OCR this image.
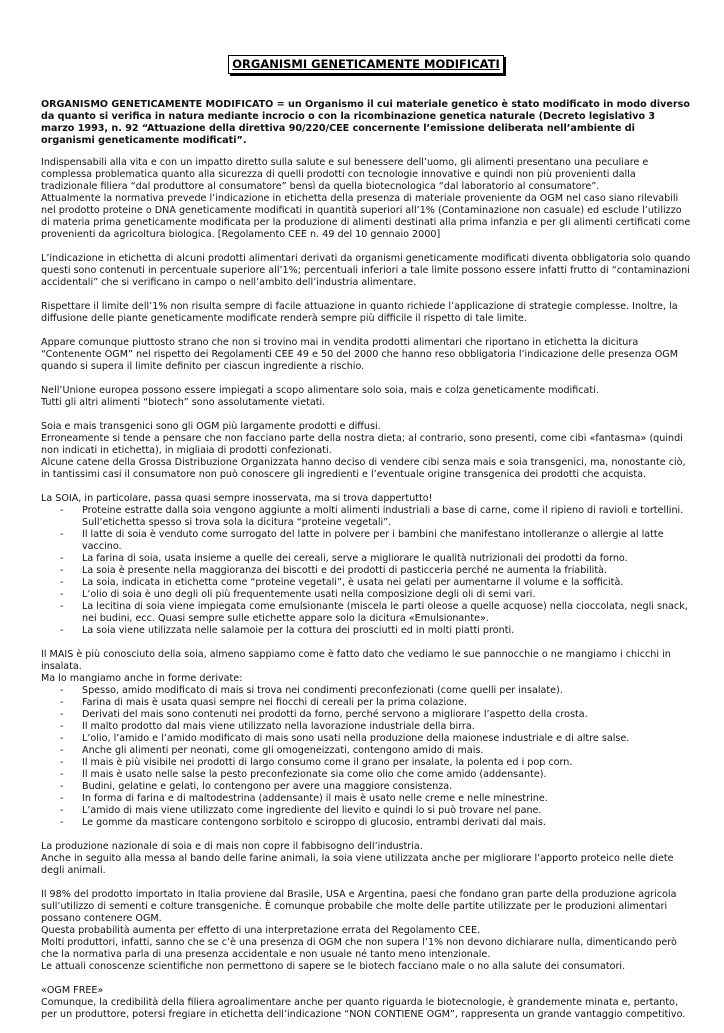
ORGANISMI GENETICAMENTE MODIFICATI

ORGANISMO GENETICAMENTE MODIFICATO = un Organismo il cui materiale genetico è stato modificato in modo diverso da quanto si verifica in natura mediante incrocio o con la ricombinazione genetica naturale (Decreto legislativo 3 marzo 1993, n. 92 “Attuazione della direttiva 90/220/CEE concernente l’emissione deliberata nell’ambiente di organismi geneticamente modificati”.

Indispensabili alla vita e con un impatto diretto sulla salute e sul benessere dell’uomo, gli alimenti presentano una peculiare e complessa problematica quanto alla sicurezza di quelli prodotti con tecnologie innovative e quindi non più provenienti dalla tradizionale filiera “dal produttore al consumatore” bensì da quella biotecnologica “dal laboratorio al consumatore”.

Attualmente la normativa prevede l’indicazione in etichetta della presenza di materiale proveniente da OGM nel caso siano rilevabili nel prodotto proteine o DNA geneticamente modificati in quantità superiori all’1% (Contaminazione non casuale) ed esclude l’utilizzo di materia prima geneticamente modificata per la produzione di alimenti destinati alla prima infanzia e per gli alimenti certificati come provenienti da agricoltura biologica. [Regolamento CEE n. 49 del 10 gennaio 2000]

L’indicazione in etichetta di alcuni prodotti alimentari derivati da organismi geneticamente modificati diventa obbligatoria solo quando questi sono contenuti in percentuale superiore all’1%; percentuali inferiori a tale limite possono essere infatti frutto di “contaminazioni accidentali” che si verificano in campo o nell’ambito dell’industria alimentare.

Rispettare il limite dell’1% non risulta sempre di facile attuazione in quanto richiede l’applicazione di strategie complesse. Inoltre, la diffusione delle piante geneticamente modificate renderà sempre più difficile il rispetto di tale limite.

Appare comunque piuttosto strano che non si trovino mai in vendita prodotti alimentari che riportano in etichetta la dicitura “Contenente OGM” nel rispetto dei Regolamenti CEE 49 e 50 del 2000 che hanno reso obbligatoria l’indicazione delle presenza OGM quando si supera il limite definito per ciascun ingrediente a rischio.

Nell’Unione europea possono essere impiegati a scopo alimentare solo soia, mais e colza geneticamente modificati.

Tutti gli altri alimenti “biotech” sono assolutamente vietati.

Soia e mais transgenici sono gli OGM più largamente prodotti e diffusi.

Erroneamente si tende a pensare che non facciano parte della nostra dieta; al contrario, sono presenti, come cibi «fantasma» (quindi non indicati in etichetta), in migliaia di prodotti confezionati.

Alcune catene della Grossa Distribuzione Organizzata hanno deciso di vendere cibi senza mais e soia transgenici, ma, nonostante ciò, in tantissimi casi il consumatore non può conoscere gli ingredienti e l’eventuale origine transgenica dei prodotti che acquista.

La SOIA, in particolare, passa quasi sempre inosservata, ma si trova dappertutto!

- Proteine estratte dalla soia vengono aggiunte a molti alimenti industriali a base di carne, come il ripieno di ravioli e tortellini. Sull’etichetta spesso si trova sola la dicitura “proteine vegetali”.
- Il latte di soia è venduto come surrogato del latte in polvere per i bambini che manifestano intolleranze o allergie al latte vaccino.
- La farina di soia, usata insieme a quelle dei cereali, serve a migliorare le qualità nutrizionali dei prodotti da forno.
- La soia è presente nella maggioranza dei biscotti e dei prodotti di pasticceria perché ne aumenta la friabilità.
- La soia, indicata in etichetta come “proteine vegetali”, è usata nei gelati per aumentarne il volume e la sofficità.
- L’olio di soia è uno degli oli più frequentemente usati nella composizione degli oli di semi vari.
- La lecitina di soia viene impiegata come emulsionante (miscela le parti oleose a quelle acquose) nella cioccolata, negli snack, nei budini, ecc. Quasi sempre sulle etichette appare solo la dicitura «Emulsionante».
- La soia viene utilizzata nelle salamoie per la cottura dei prosciutti ed in molti piatti pronti.

Il MAIS è più conosciuto della soia, almeno sappiamo come è fatto dato che vediamo le sue pannocchie o ne mangiamo i chicchi in insalata.

Ma lo mangiamo anche in forme derivate:

- Spesso, amido modificato di mais si trova nei condimenti preconfezionati (come quelli per insalate).
- Farina di mais è usata quasi sempre nei fiocchi di cereali per la prima colazione.
- Derivati del mais sono contenuti nei prodotti da forno, perché servono a migliorare l’aspetto della crosta.
- Il malto prodotto dal mais viene utilizzato nella lavorazione industriale della birra.
- L’olio, l’amido e l’amido modificato di mais sono usati nella produzione della maionese industriale e di altre salse.
- Anche gli alimenti per neonati, come gli omogeneizzati, contengono amido di mais.
- Il mais è più visibile nei prodotti di largo consumo come il grano per insalate, la polenta ed i pop corn.
- Il mais è usato nelle salse la pesto preconfezionate sia come olio che come amido (addensante).
- Budini, gelatine e gelati, lo contengono per avere una maggiore consistenza.
- In forma di farina e di maltodestrina (addensante) il mais è usato nelle creme e nelle minestrine.
- L’amido di mais viene utilizzato come ingrediente del lievito e quindi lo si può trovare nel pane.
- Le gomme da masticare contengono sorbitolo e sciroppo di glucosio, entrambi derivati dal mais.

La produzione nazionale di soia e di mais non copre il fabbisogno dell’industria.

Anche in seguito alla messa al bando delle farine animali, la soia viene utilizzata anche per migliorare l’apporto proteico nelle diete degli animali.

Il 98% del prodotto importato in Italia proviene dal Brasile, USA e Argentina, paesi che fondano gran parte della produzione agricola sull’utilizzo di sementi e colture transgeniche. È comunque probabile che molte delle partite utilizzate per le produzioni alimentari possano contenere OGM.

Questa probabilità aumenta per effetto di una interpretazione errata del Regolamento CEE.

Molti produttori, infatti, sanno che se c’è una presenza di OGM che non supera l’1% non devono dichiarare nulla, dimenticando però che la normativa parla di una presenza accidentale e non usuale né tanto meno intenzionale.

Le attuali conoscenze scientifiche non permettono di sapere se le biotech facciano male o no alla salute dei consumatori.

«OGM FREE»

Comunque, la credibilità della filiera agroalimentare anche per quanto riguarda le biotecnologie, è grandemente minata e, pertanto, per un produttore, potersi fregiare in etichetta dell’indicazione “NON CONTIENE OGM”, rappresenta un grande vantaggio competitivo.
